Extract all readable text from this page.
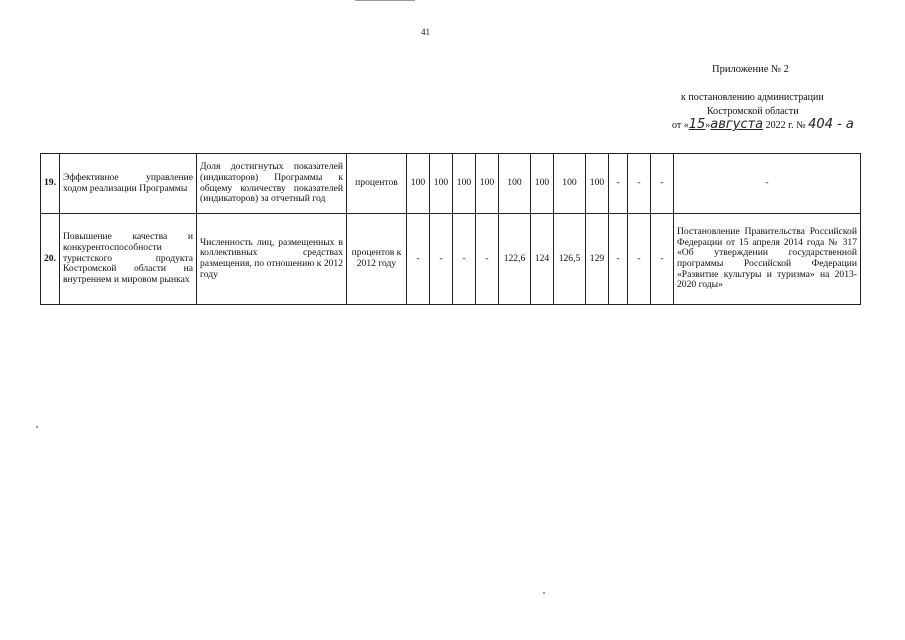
41
Приложение № 2
к постановлению администрации
Костромской области
от «15»августа 2022 г. № 404 - а
19.	Эффективное управление ходом реализации Программы	Доля достигнутых показателей (индикаторов) Программы к общему количеству показателей (индикаторов) за отчетный год	процентов	100	100	100	100	100	100	100	100	-	-	-	-
20.	Повышение качества и конкурентоспособности туристского продукта Костромской области на внутреннем и мировом рынках	Численность лиц, размещенных в коллективных средствах размещения, по отношению к 2012 году	процентов к 2012 году	-	-	-	-	122,6	124	126,5	129	-	-	-	Постановление Правительства Российской Федерации от 15 апреля 2014 года № 317 «Об утверждении государственной программы Российской Федерации «Развитие культуры и туризма» на 2013-2020 годы»
